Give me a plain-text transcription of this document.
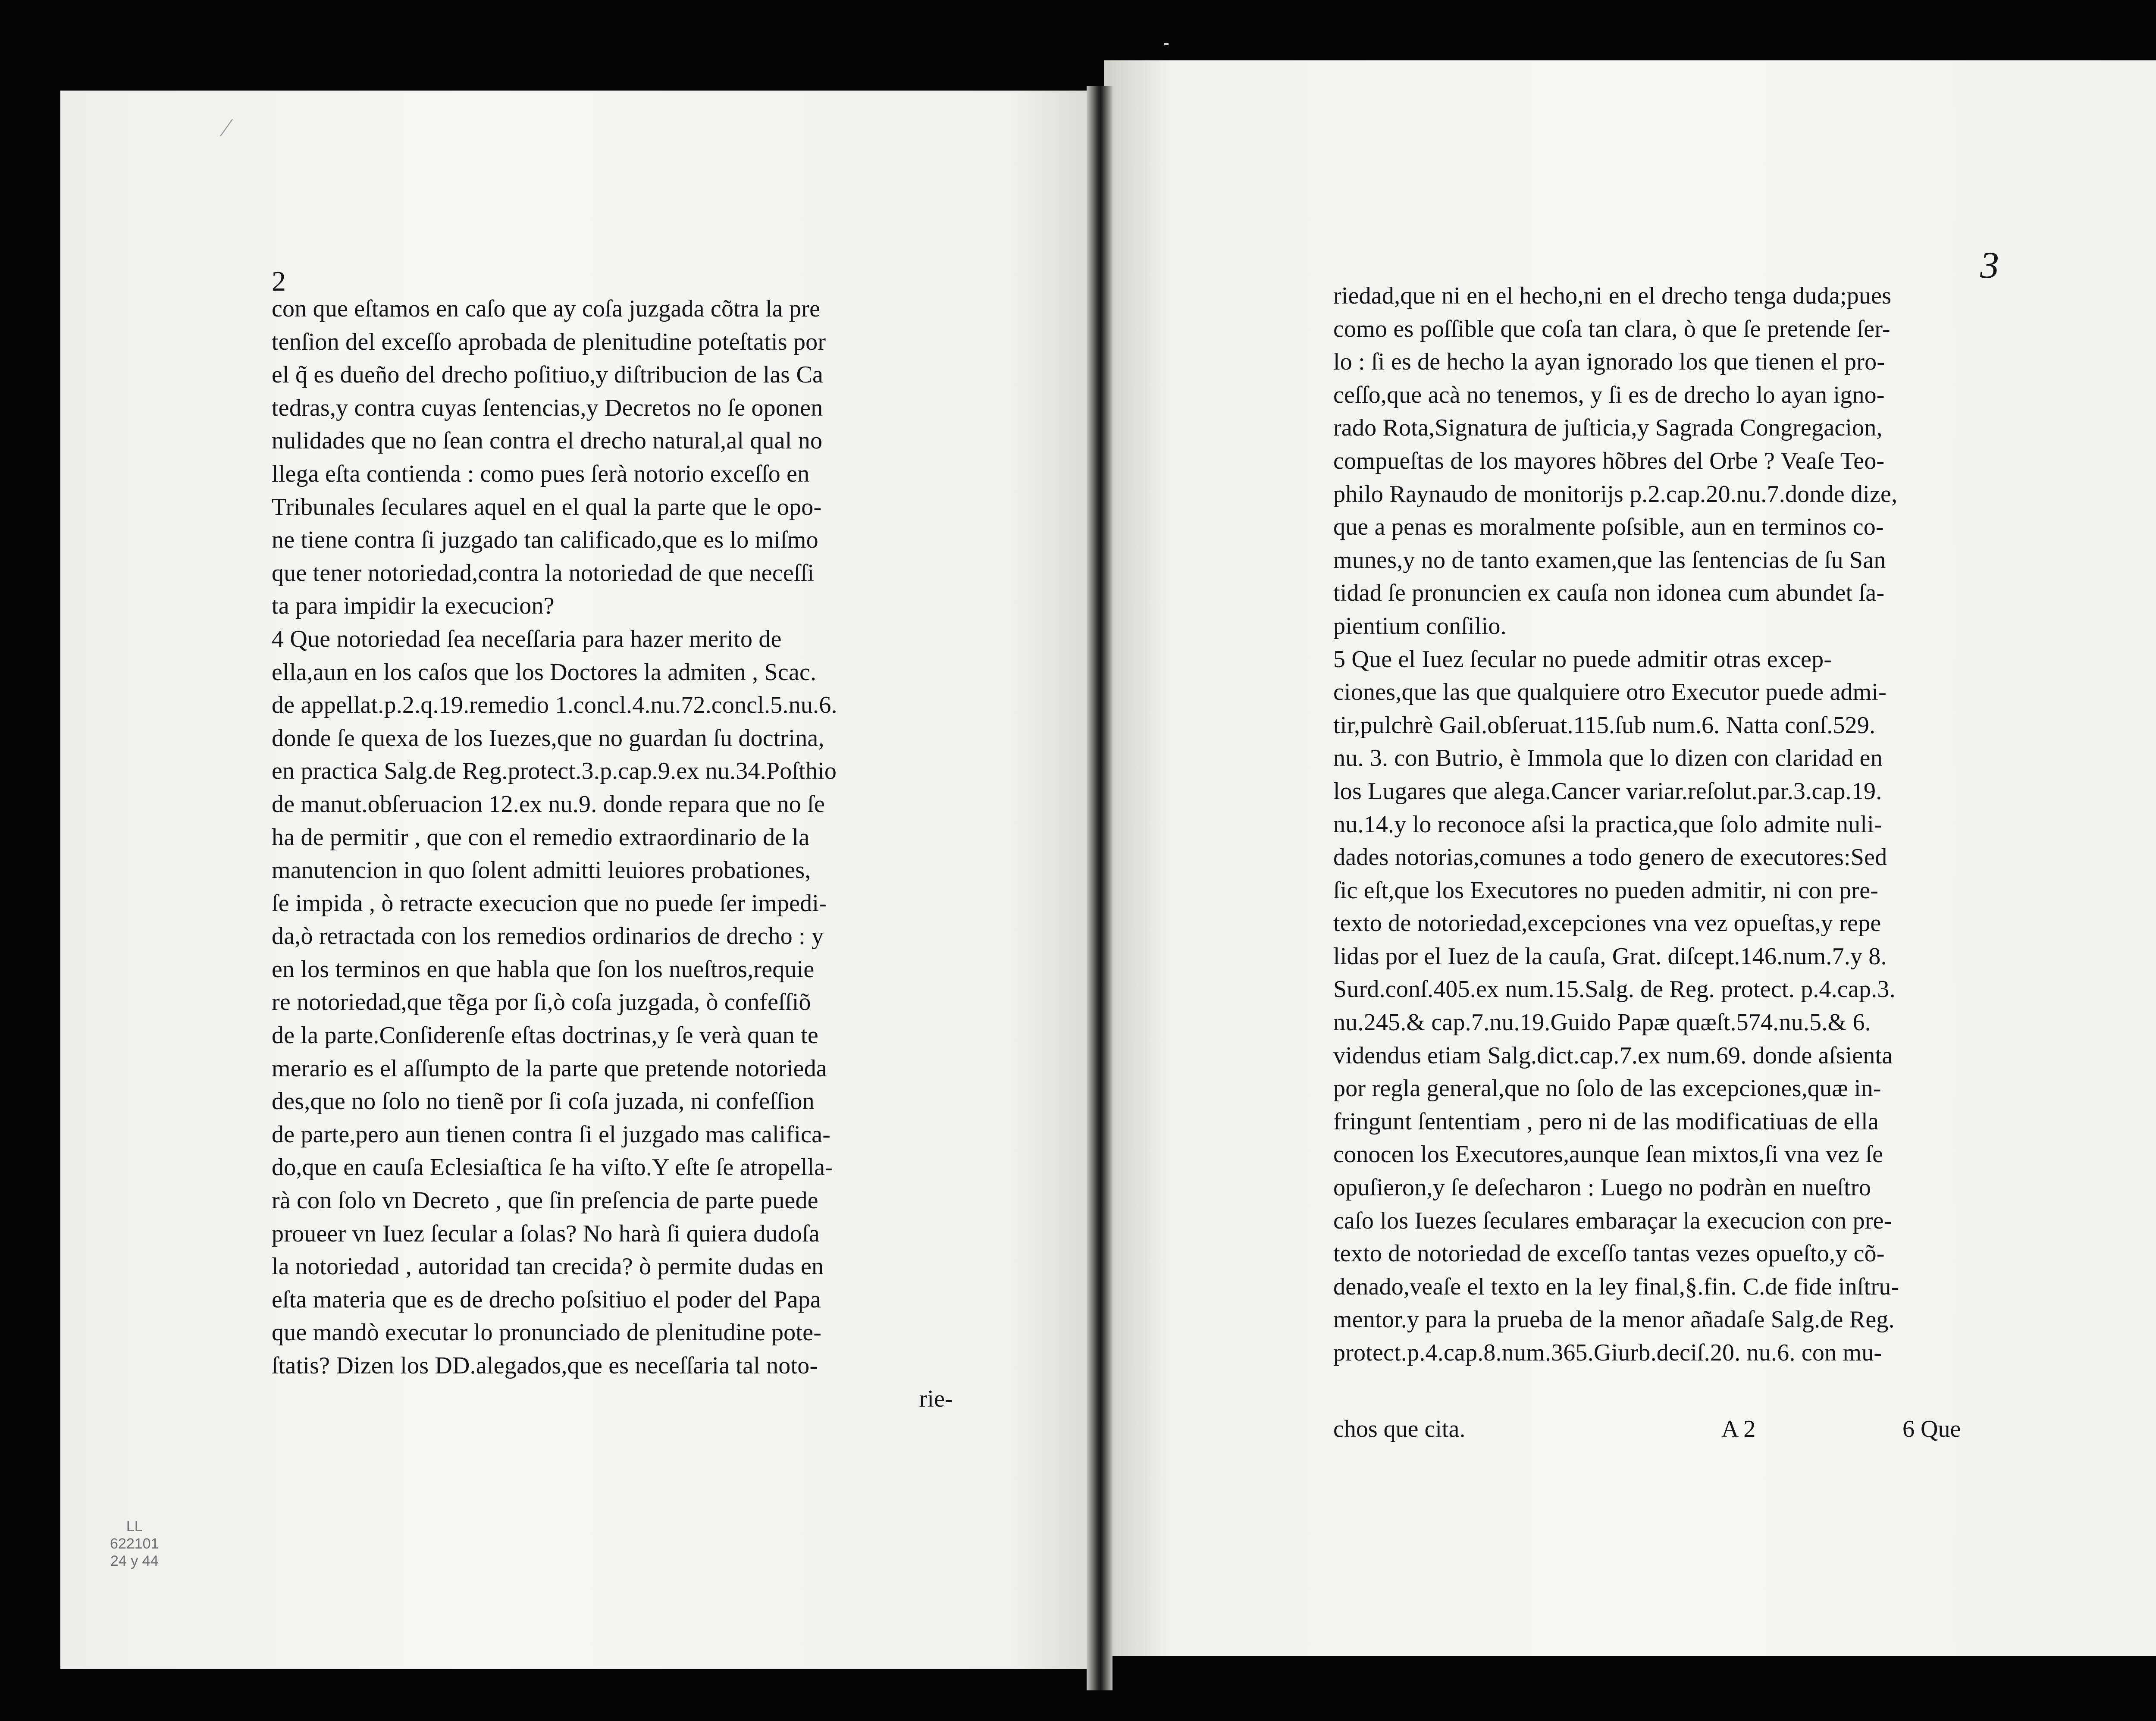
⁄
2
con que eſtamos en caſo que ay coſa juzgada cõtra la pre
tenſion del exceſſo aprobada de plenitudine poteſtatis por
el q̃ es dueño del drecho poſitiuo,y diſtribucion de las Ca
tedras,y contra cuyas ſentencias,y Decretos no ſe oponen
nulidades que no ſean contra el drecho natural,al qual no
llega eſta contienda : como pues ſerà notorio exceſſo en
Tribunales ſeculares aquel en el qual la parte que le opo-
ne tiene contra ſi juzgado tan calificado,que es lo miſmo
que tener notoriedad,contra la notoriedad de que neceſſi
ta para impidir la execucion?
4 Que notoriedad ſea neceſſaria para hazer merito de
ella,aun en los caſos que los Doctores la admiten , Scac.
de appellat.p.2.q.19.remedio 1.concl.4.nu.72.concl.5.nu.6.
donde ſe quexa de los Iuezes,que no guardan ſu doctrina,
en practica Salg.de Reg.protect.3.p.cap.9.ex nu.34.Poſthio
de manut.obſeruacion 12.ex nu.9. donde repara que no ſe
ha de permitir , que con el remedio extraordinario de la
manutencion in quo ſolent admitti leuiores probationes,
ſe impida , ò retracte execucion que no puede ſer impedi-
da,ò retractada con los remedios ordinarios de drecho : y
en los terminos en que habla que ſon los nueſtros,requie
re notoriedad,que tẽga por ſi,ò coſa juzgada, ò confeſſiõ
de la parte.Conſiderenſe eſtas doctrinas,y ſe verà quan te
merario es el aſſumpto de la parte que pretende notorieda
des,que no ſolo no tienẽ por ſi coſa juzada, ni confeſſion
de parte,pero aun tienen contra ſi el juzgado mas califica-
do,que en cauſa Eclesiaſtica ſe ha viſto.Y eſte ſe atropella-
rà con ſolo vn Decreto , que ſin preſencia de parte puede
proueer vn Iuez ſecular a ſolas? No harà ſi quiera dudoſa
la notoriedad , autoridad tan crecida? ò permite dudas en
eſta materia que es de drecho poſsitiuo el poder del Papa
que mandò executar lo pronunciado de plenitudine pote-
ſtatis? Dizen los DD.alegados,que es neceſſaria tal noto-
rie-
LL
622101
24 y 44
3
riedad,que ni en el hecho,ni en el drecho tenga duda;pues
como es poſſible que coſa tan clara, ò que ſe pretende ſer-
lo : ſi es de hecho la ayan ignorado los que tienen el pro-
ceſſo,que acà no tenemos, y ſi es de drecho lo ayan igno-
rado Rota,Signatura de juſticia,y Sagrada Congregacion,
compueſtas de los mayores hõbres del Orbe ? Veaſe Teo-
philo Raynaudo de monitorijs p.2.cap.20.nu.7.donde dize,
que a penas es moralmente poſsible, aun en terminos co-
munes,y no de tanto examen,que las ſentencias de ſu San
tidad ſe pronuncien ex cauſa non idonea cum abundet ſa-
pientium conſilio.
5 Que el Iuez ſecular no puede admitir otras excep-
ciones,que las que qualquiere otro Executor puede admi-
tir,pulchrè Gail.obſeruat.115.ſub num.6. Natta conſ.529.
nu. 3. con Butrio, è Immola que lo dizen con claridad en
los Lugares que alega.Cancer variar.reſolut.par.3.cap.19.
nu.14.y lo reconoce aſsi la practica,que ſolo admite nuli-
dades notorias,comunes a todo genero de executores:Sed
ſic eſt,que los Executores no pueden admitir, ni con pre-
texto de notoriedad,excepciones vna vez opueſtas,y repe
lidas por el Iuez de la cauſa, Grat. diſcept.146.num.7.y 8.
Surd.conſ.405.ex num.15.Salg. de Reg. protect. p.4.cap.3.
nu.245.& cap.7.nu.19.Guido Papæ quæſt.574.nu.5.& 6.
videndus etiam Salg.dict.cap.7.ex num.69. donde aſsienta
por regla general,que no ſolo de las excepciones,quæ in-
fringunt ſententiam , pero ni de las modificatiuas de ella
conocen los Executores,aunque ſean mixtos,ſi vna vez ſe
opuſieron,y ſe deſecharon : Luego no podràn en nueſtro
caſo los Iuezes ſeculares embaraçar la execucion con pre-
texto de notoriedad de exceſſo tantas vezes opueſto,y cõ-
denado,veaſe el texto en la ley final,§.fin. C.de fide inſtru-
mentor.y para la prueba de la menor añadaſe Salg.de Reg.
protect.p.4.cap.8.num.365.Giurb.deciſ.20. nu.6. con mu-
chos que cita.	A 2	6 Que
